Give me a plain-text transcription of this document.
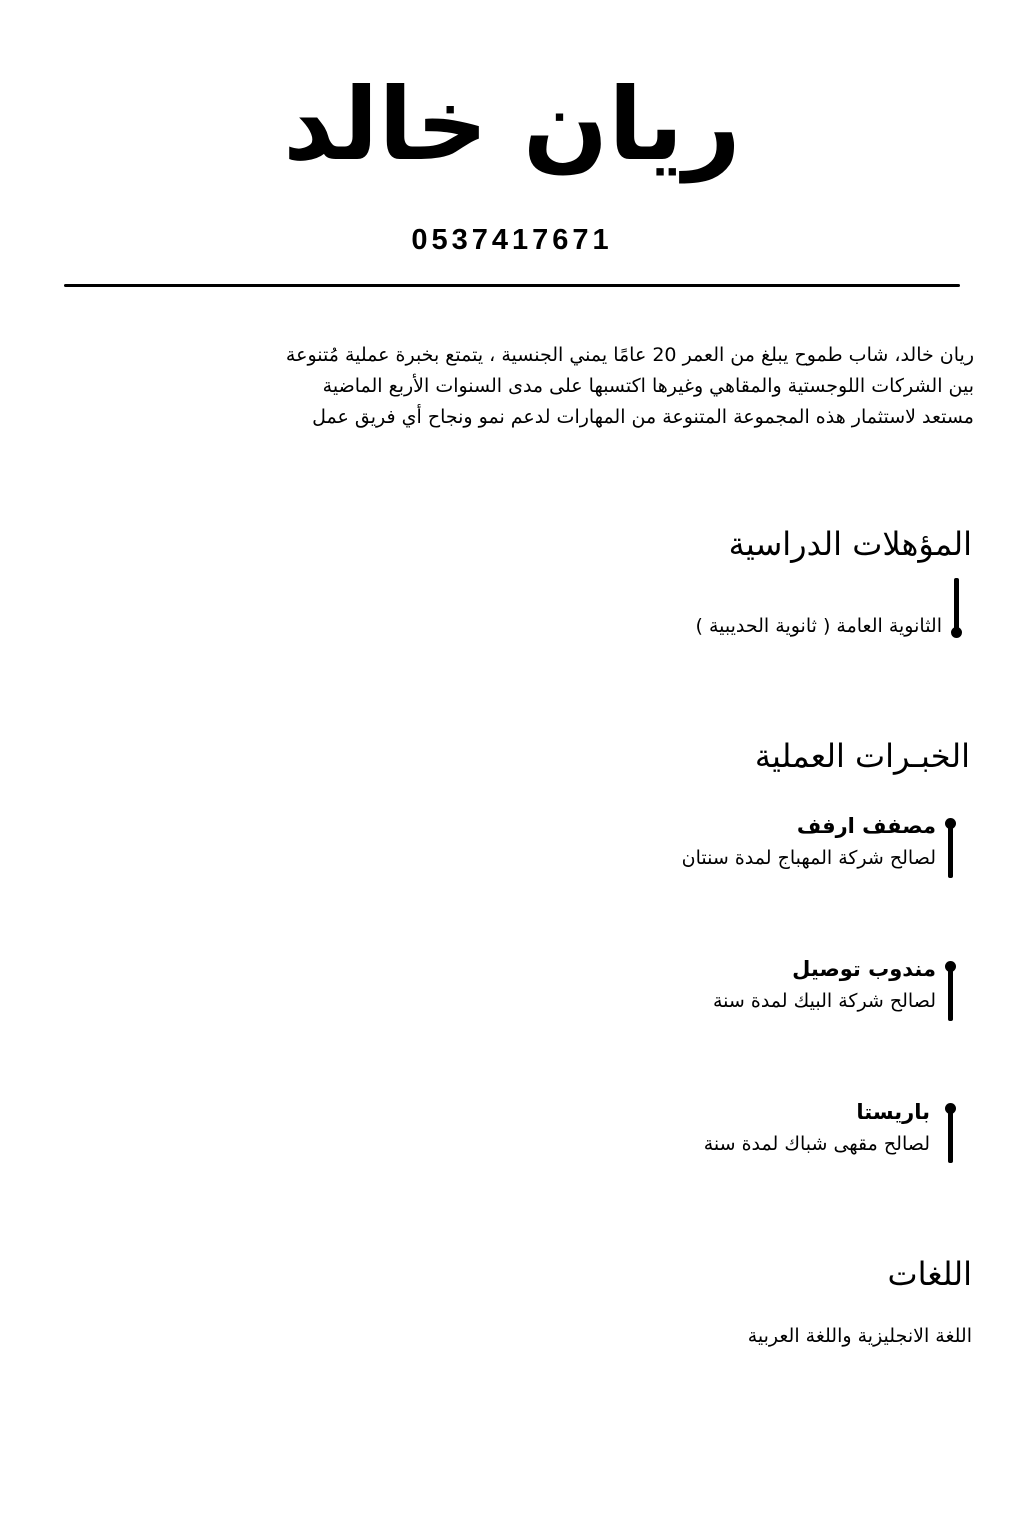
ريان خالد
0537417671

ريان خالد، شاب طموح يبلغ من العمر 20 عامًا يمني الجنسية ، يتمتع بخبرة عملية مُتنوعة

بين الشركات اللوجستية والمقاهي وغيرها اكتسبها على مدى السنوات الأربع الماضية

مستعد لاستثمار هذه المجموعة المتنوعة من المهارات لدعم نمو ونجاح أي فريق عمل

المؤهلات الدراسية
الثانوية العامة ( ثانوية الحديبية )
الخبـرات العملية
مصفف ارفف
لصالح شركة المهباج لمدة سنتان
مندوب توصيل
لصالح شركة البيك لمدة سنة
باريستا
لصالح مقهى شباك لمدة سنة
اللغات
اللغة الانجليزية واللغة العربية
